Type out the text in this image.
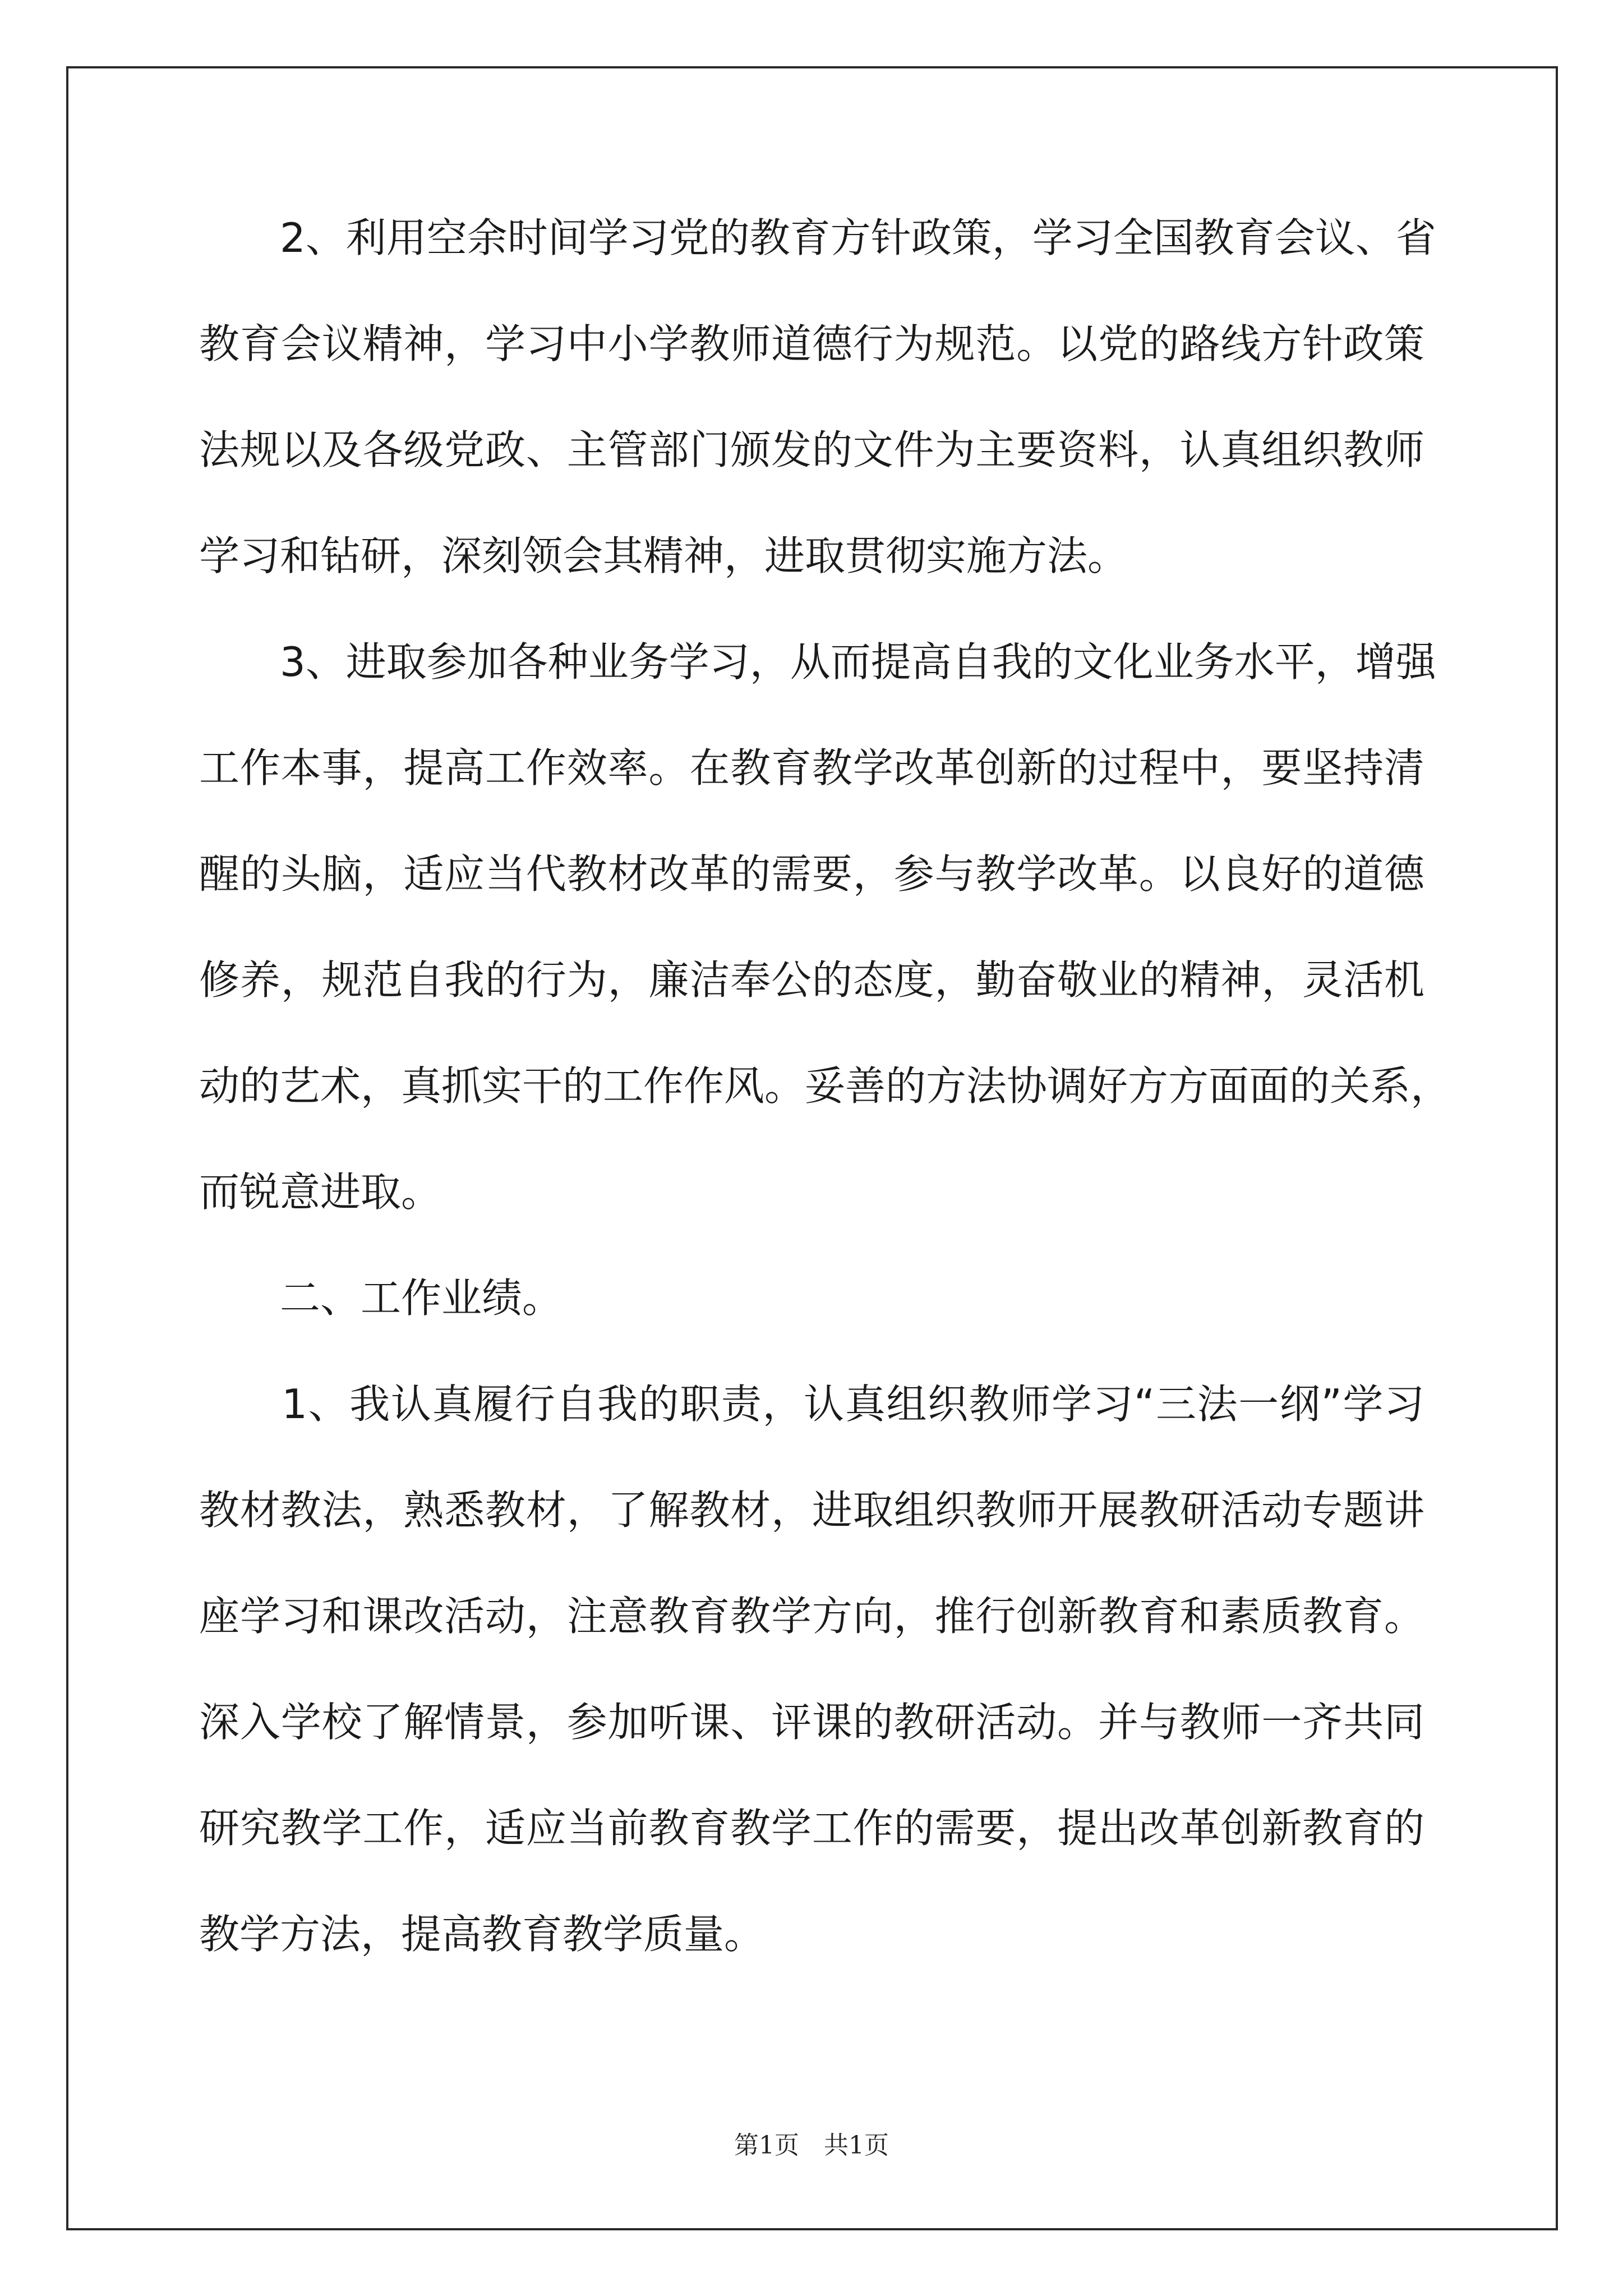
　　2、利用空余时间学习党的教育方针政策，学习全国教育会议、省
教育会议精神，学习中小学教师道德行为规范。以党的路线方针政策
法规以及各级党政、主管部门颁发的文件为主要资料，认真组织教师
学习和钻研，深刻领会其精神，进取贯彻实施方法。
　　3、进取参加各种业务学习，从而提高自我的文化业务水平，增强
工作本事，提高工作效率。在教育教学改革创新的过程中，要坚持清
醒的头脑，适应当代教材改革的需要，参与教学改革。以良好的道德
修养，规范自我的行为，廉洁奉公的态度，勤奋敬业的精神，灵活机
动的艺术，真抓实干的工作作风。妥善的方法协调好方方面面的关系，
而锐意进取。
　　二、工作业绩。
　　1、我认真履行自我的职责，认真组织教师学习“三法一纲”学习
教材教法，熟悉教材，了解教材，进取组织教师开展教研活动专题讲
座学习和课改活动，注意教育教学方向，推行创新教育和素质教育。
深入学校了解情景，参加听课、评课的教研活动。并与教师一齐共同
研究教学工作，适应当前教育教学工作的需要，提出改革创新教育的
教学方法，提高教育教学质量。
第1页　共1页
